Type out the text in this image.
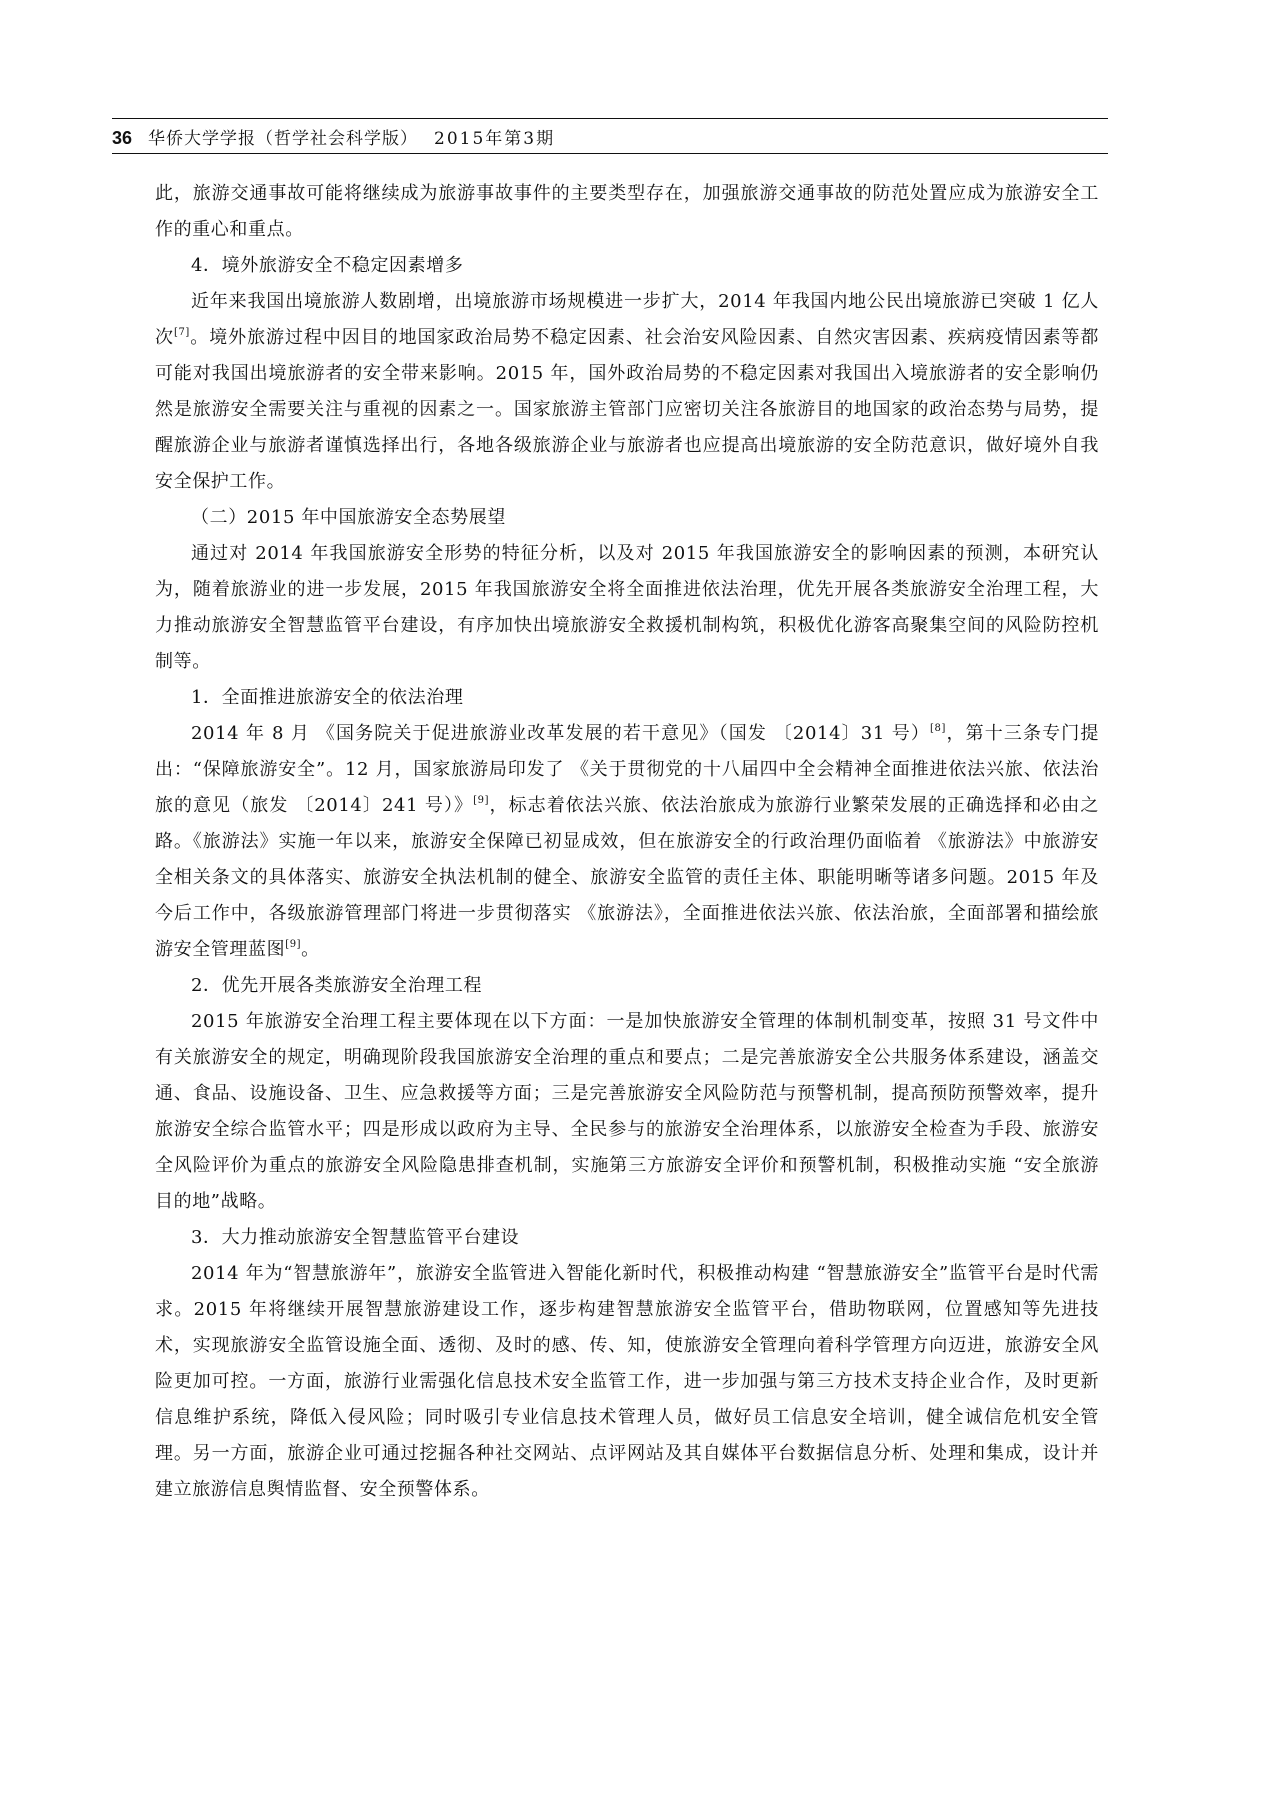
36 华侨大学学报（哲学社会科学版） 2015年第3期

此，旅游交通事故可能将继续成为旅游事故事件的主要类型存在，加强旅游交通事故的防范处置应成为旅游安全工作的重心和重点。

4．境外旅游安全不稳定因素增多

近年来我国出境旅游人数剧增，出境旅游市场规模进一步扩大，2014 年我国内地公民出境旅游已突破 1 亿人次[7]。境外旅游过程中因目的地国家政治局势不稳定因素、社会治安风险因素、自然灾害因素、疾病疫情因素等都可能对我国出境旅游者的安全带来影响。2015 年，国外政治局势的不稳定因素对我国出入境旅游者的安全影响仍然是旅游安全需要关注与重视的因素之一。国家旅游主管部门应密切关注各旅游目的地国家的政治态势与局势，提醒旅游企业与旅游者谨慎选择出行，各地各级旅游企业与旅游者也应提高出境旅游的安全防范意识，做好境外自我安全保护工作。

（二）2015 年中国旅游安全态势展望

通过对 2014 年我国旅游安全形势的特征分析，以及对 2015 年我国旅游安全的影响因素的预测，本研究认为，随着旅游业的进一步发展，2015 年我国旅游安全将全面推进依法治理，优先开展各类旅游安全治理工程，大力推动旅游安全智慧监管平台建设，有序加快出境旅游安全救援机制构筑，积极优化游客高聚集空间的风险防控机制等。

1．全面推进旅游安全的依法治理

2014 年 8 月 《国务院关于促进旅游业改革发展的若干意见》（国发 〔2014〕31 号）[8]，第十三条专门提出：“保障旅游安全”。12 月，国家旅游局印发了 《关于贯彻党的十八届四中全会精神全面推进依法兴旅、依法治旅的意见（旅发 〔2014〕241 号）》[9]，标志着依法兴旅、依法治旅成为旅游行业繁荣发展的正确选择和必由之路。《旅游法》实施一年以来，旅游安全保障已初显成效，但在旅游安全的行政治理仍面临着 《旅游法》中旅游安全相关条文的具体落实、旅游安全执法机制的健全、旅游安全监管的责任主体、职能明晰等诸多问题。2015 年及今后工作中，各级旅游管理部门将进一步贯彻落实 《旅游法》，全面推进依法兴旅、依法治旅，全面部署和描绘旅游安全管理蓝图[9]。

2．优先开展各类旅游安全治理工程

2015 年旅游安全治理工程主要体现在以下方面：一是加快旅游安全管理的体制机制变革，按照 31 号文件中有关旅游安全的规定，明确现阶段我国旅游安全治理的重点和要点；二是完善旅游安全公共服务体系建设，涵盖交通、食品、设施设备、卫生、应急救援等方面；三是完善旅游安全风险防范与预警机制，提高预防预警效率，提升旅游安全综合监管水平；四是形成以政府为主导、全民参与的旅游安全治理体系，以旅游安全检查为手段、旅游安全风险评价为重点的旅游安全风险隐患排查机制，实施第三方旅游安全评价和预警机制，积极推动实施 “安全旅游目的地”战略。

3．大力推动旅游安全智慧监管平台建设

2014 年为“智慧旅游年”，旅游安全监管进入智能化新时代，积极推动构建 “智慧旅游安全”监管平台是时代需求。2015 年将继续开展智慧旅游建设工作，逐步构建智慧旅游安全监管平台，借助物联网，位置感知等先进技术，实现旅游安全监管设施全面、透彻、及时的感、传、知，使旅游安全管理向着科学管理方向迈进，旅游安全风险更加可控。一方面，旅游行业需强化信息技术安全监管工作，进一步加强与第三方技术支持企业合作，及时更新信息维护系统，降低入侵风险；同时吸引专业信息技术管理人员，做好员工信息安全培训，健全诚信危机安全管理。另一方面，旅游企业可通过挖掘各种社交网站、点评网站及其自媒体平台数据信息分析、处理和集成，设计并建立旅游信息舆情监督、安全预警体系。
